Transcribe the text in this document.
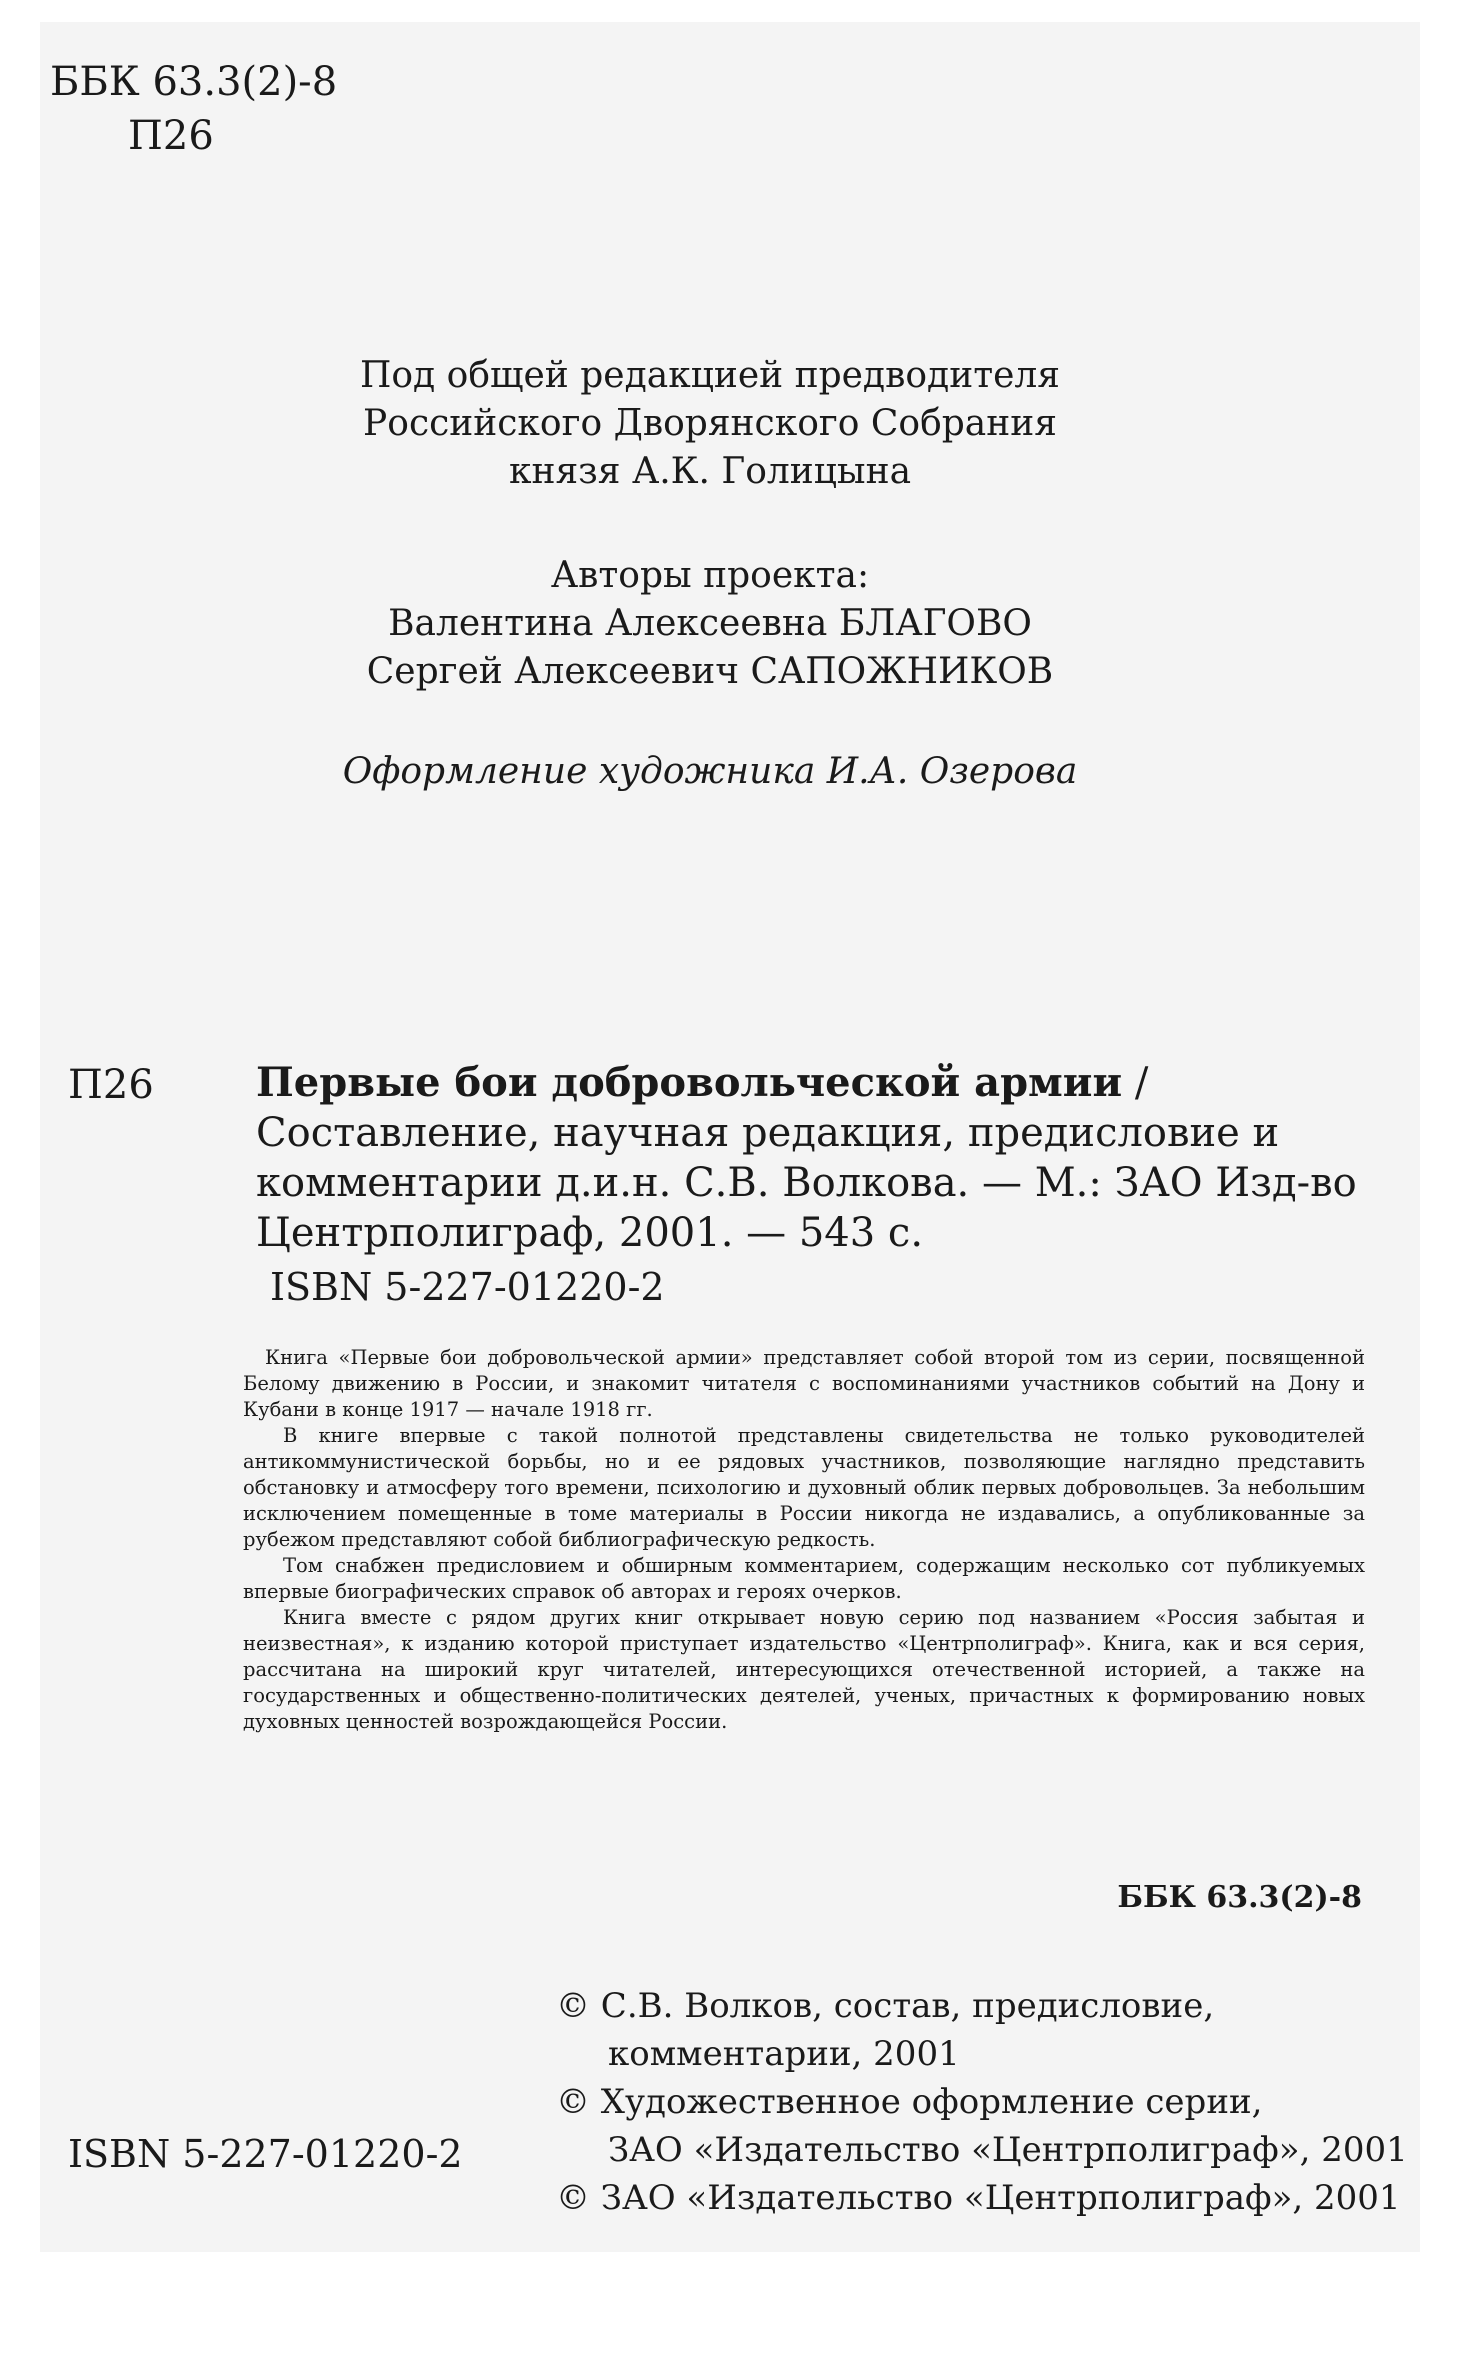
ББК 63.3(2)-8
П26
Под общей редакцией предводителя
Российского Дворянского Собрания
князя А.К. Голицына
Авторы проекта:
Валентина Алексеевна БЛАГОВО
Сергей Алексеевич САПОЖНИКОВ
Оформление художника И.А. Озерова
П26	Первые бои добровольческой армии / Составление, научная редакция, предисловие и комментарии д.и.н. С.В. Волкова. — М.: ЗАО Изд-во Центрполиграф, 2001. — 543 с.
ISBN 5-227-01220-2

Книга «Первые бои добровольческой армии» представляет собой второй том из серии, посвященной Белому движению в России, и знакомит читателя с воспоминаниями участников событий на Дону и Кубани в конце 1917 — начале 1918 гг.

В книге впервые с такой полнотой представлены свидетельства не только руководителей антикоммунистической борьбы, но и ее рядовых участников, позволяющие наглядно представить обстановку и атмосферу того времени, психологию и духовный облик первых добровольцев. За небольшим исключением помещенные в томе материалы в России никогда не издавались, а опубликованные за рубежом представляют собой библиографическую редкость.

Том снабжен предисловием и обширным комментарием, содержащим несколько сот публикуемых впервые биографических справок об авторах и героях очерков.

Книга вместе с рядом других книг открывает новую серию под названием «Россия забытая и неизвестная», к изданию которой приступает издательство «Центрполиграф». Книга, как и вся серия, рассчитана на широкий круг читателей, интересующихся отечественной историей, а также на государственных и общественно-политических деятелей, ученых, причастных к формированию новых духовных ценностей возрождающейся России.

ББК 63.3(2)-8
© С.В. Волков, состав, предисловие,
комментарии, 2001
© Художественное оформление серии,
ЗАО «Издательство «Центрполиграф», 2001
© ЗАО «Издательство «Центрполиграф», 2001
ISBN 5-227-01220-2
